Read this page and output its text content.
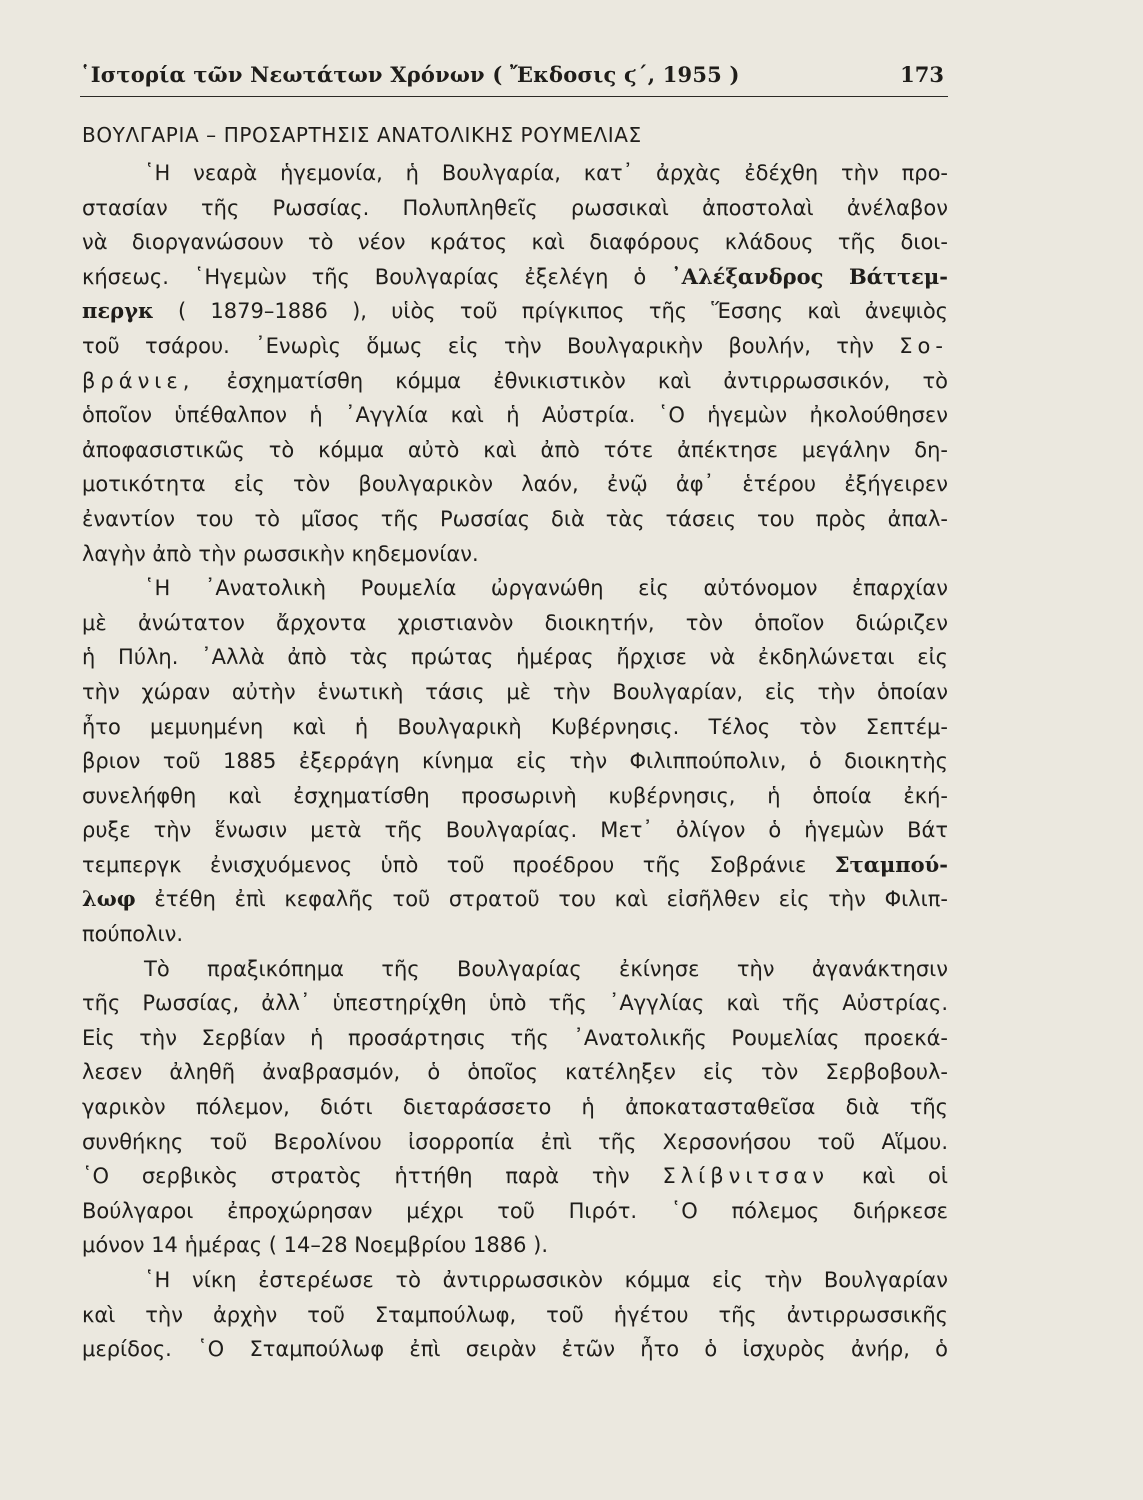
῾Ιστορία τῶν Νεωτάτων Χρόνων ( Ἔκδοσις ϛ΄, 1955 )	173
ΒΟΥΛΓΑΡΙΑ – ΠΡΟΣΑΡΤΗΣΙΣ ΑΝΑΤΟΛΙΚΗΣ ΡΟΥΜΕΛΙΑΣ
῾Η νεαρὰ ἡγεμονία, ἡ Βουλγαρία, κατ᾿ ἀρχὰς ἐδέχθη τὴν προ-
στασίαν τῆς Ρωσσίας. Πολυπληθεῖς ρωσσικαὶ ἀποστολαὶ ἀνέλαβον
νὰ διοργανώσουν τὸ νέον κράτος καὶ διαφόρους κλάδους τῆς διοι-
κήσεως. ῾Ηγεμὼν τῆς Βουλγαρίας ἐξελέγη ὁ ᾿Αλέξανδρος Βάττεμ-
περγκ ( 1879–1886 ), υἱὸς τοῦ πρίγκιπος τῆς Ἕσσης καὶ ἀνεψιὸς
τοῦ τσάρου. ᾿Ενωρὶς ὅμως εἰς τὴν Βουλγαρικὴν βουλήν, τὴν Σο-
βράνιε, ἐσχηματίσθη κόμμα ἐθνικιστικὸν καὶ ἀντιρρωσσικόν, τὸ
ὁποῖον ὑπέθαλπον ἡ ᾿Αγγλία καὶ ἡ Αὐστρία. ῾Ο ἡγεμὼν ἠκολούθησεν
ἀποφασιστικῶς τὸ κόμμα αὐτὸ καὶ ἀπὸ τότε ἀπέκτησε μεγάλην δη-
μοτικότητα εἰς τὸν βουλγαρικὸν λαόν, ἐνῷ ἀφ᾿ ἑτέρου ἐξήγειρεν
ἐναντίον του τὸ μῖσος τῆς Ρωσσίας διὰ τὰς τάσεις του πρὸς ἀπαλ-
λαγὴν ἀπὸ τὴν ρωσσικὴν κηδεμονίαν.
῾Η ᾿Ανατολικὴ Ρουμελία ὠργανώθη εἰς αὐτόνομον ἐπαρχίαν
μὲ ἀνώτατον ἄρχοντα χριστιανὸν διοικητήν, τὸν ὁποῖον διώριζεν
ἡ Πύλη. ᾿Αλλὰ ἀπὸ τὰς πρώτας ἡμέρας ἤρχισε νὰ ἐκδηλώνεται εἰς
τὴν χώραν αὐτὴν ἑνωτικὴ τάσις μὲ τὴν Βουλγαρίαν, εἰς τὴν ὁποίαν
ἦτο μεμυημένη καὶ ἡ Βουλγαρικὴ Κυβέρνησις. Τέλος τὸν Σεπτέμ-
βριον τοῦ 1885 ἐξερράγη κίνημα εἰς τὴν Φιλιππούπολιν, ὁ διοικητὴς
συνελήφθη καὶ ἐσχηματίσθη προσωρινὴ κυβέρνησις, ἡ ὁποία ἐκή-
ρυξε τὴν ἕνωσιν μετὰ τῆς Βουλγαρίας. Μετ᾿ ὀλίγον ὁ ἡγεμὼν Βάτ
τεμπεργκ ἐνισχυόμενος ὑπὸ τοῦ προέδρου τῆς Σοβράνιε Σταμπού-
λωφ ἐτέθη ἐπὶ κεφαλῆς τοῦ στρατοῦ του καὶ εἰσῆλθεν εἰς τὴν Φιλιπ-
πούπολιν.
Τὸ πραξικόπημα τῆς Βουλγαρίας ἐκίνησε τὴν ἀγανάκτησιν
τῆς Ρωσσίας, ἀλλ᾿ ὑπεστηρίχθη ὑπὸ τῆς ᾿Αγγλίας καὶ τῆς Αὐστρίας.
Εἰς τὴν Σερβίαν ἡ προσάρτησις τῆς ᾿Ανατολικῆς Ρουμελίας προεκά-
λεσεν ἀληθῆ ἀναβρασμόν, ὁ ὁποῖος κατέληξεν εἰς τὸν Σερβοβουλ-
γαρικὸν πόλεμον, διότι διεταράσσετο ἡ ἀποκατασταθεῖσα διὰ τῆς
συνθήκης τοῦ Βερολίνου ἰσορροπία ἐπὶ τῆς Χερσονήσου τοῦ Αἵμου.
῾Ο σερβικὸς στρατὸς ἡττήθη παρὰ τὴν Σλίβνιτσαν καὶ οἱ
Βούλγαροι ἐπροχώρησαν μέχρι τοῦ Πιρότ. ῾Ο πόλεμος διήρκεσε
μόνον 14 ἡμέρας ( 14–28 Νοεμβρίου 1886 ).
῾Η νίκη ἐστερέωσε τὸ ἀντιρρωσσικὸν κόμμα εἰς τὴν Βουλγαρίαν
καὶ τὴν ἀρχὴν τοῦ Σταμπούλωφ, τοῦ ἡγέτου τῆς ἀντιρρωσσικῆς
μερίδος. ῾Ο Σταμπούλωφ ἐπὶ σειρὰν ἐτῶν ἦτο ὁ ἰσχυρὸς ἀνήρ, ὁ
